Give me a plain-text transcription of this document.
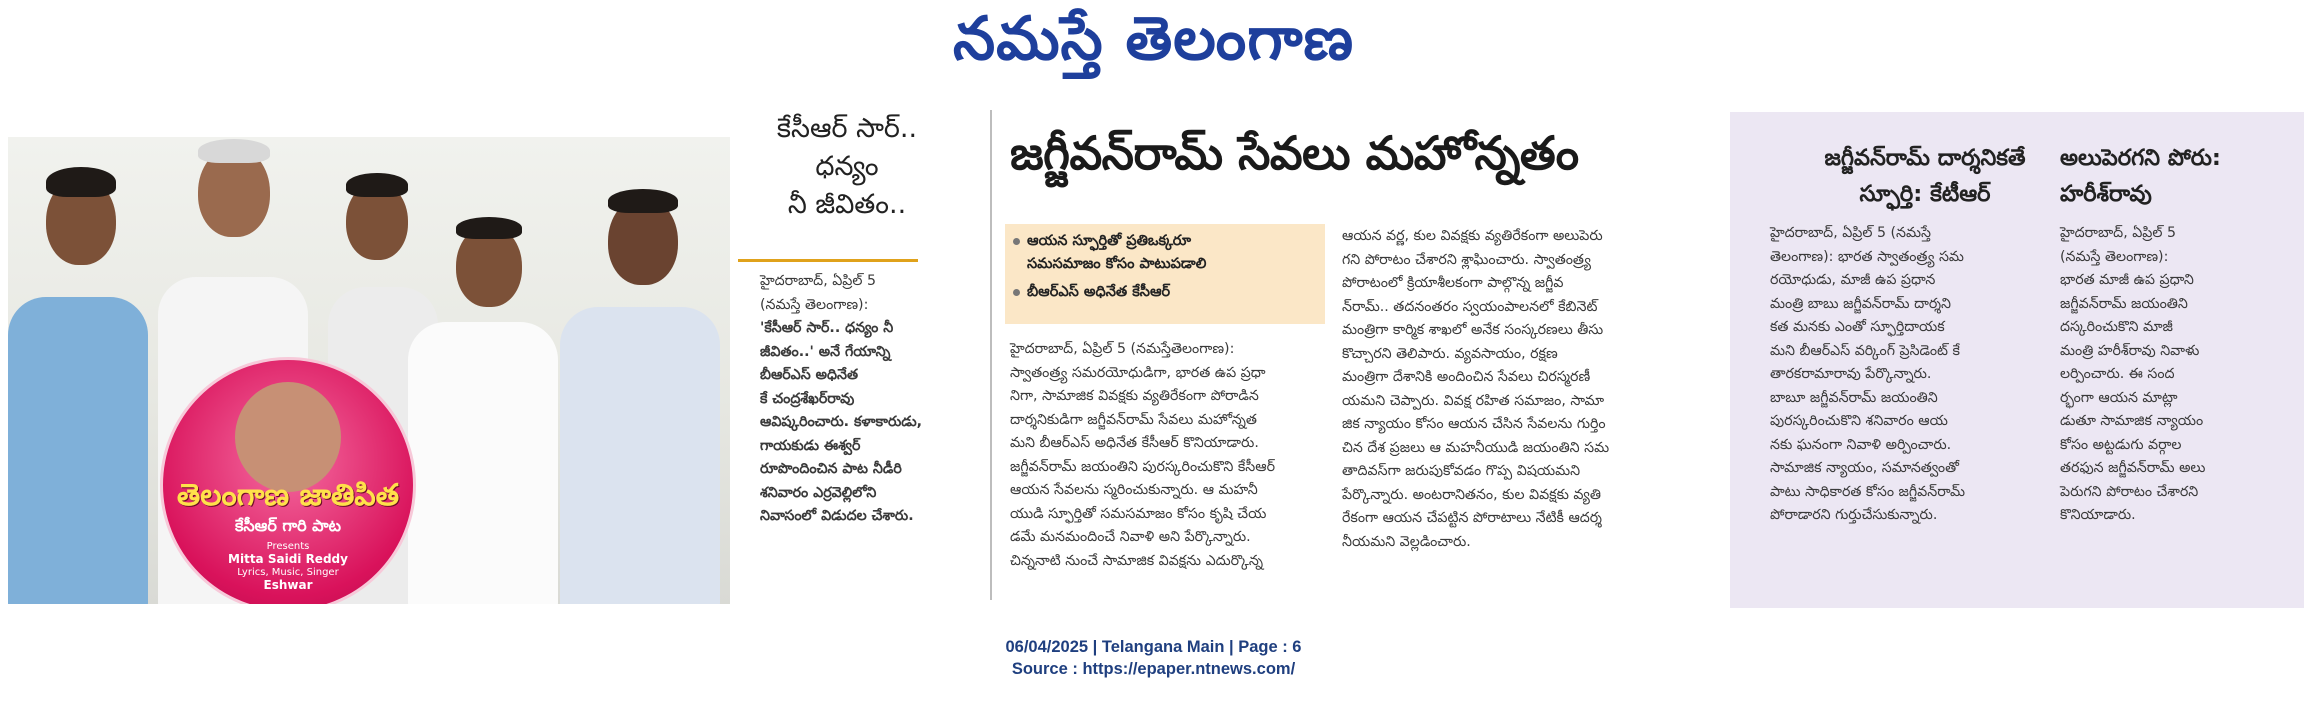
నమస్తే తెలంగాణ
తెలంగాణ జాతిపిత
కేసీఆర్ గారి పాట
Presents
Mitta Saidi Reddy
Lyrics, Music, Singer
Eshwar
కేసీఆర్ సార్..
ధన్యం
నీ జీవితం..
హైదరాబాద్, ఏప్రిల్ 5
(నమస్తే తెలంగాణ):
'కేసీఆర్ సార్.. ధన్యం నీ
జీవితం..' అనే గేయాన్ని
బీఆర్ఎస్ అధినేత
కే చంద్రశేఖర్‌రావు
ఆవిష్కరించారు. కళాకారుడు,
గాయకుడు ఈశ్వర్
రూపొందించిన పాట నీడీరి
శనివారం ఎర్రవెల్లిలోని
నివాసంలో విడుదల చేశారు.
జగ్జీవన్‌రామ్ సేవలు మహోన్నతం
ఆయన స్ఫూర్తితో ప్రతిఒక్కరూ
సమసమాజం కోసం పాటుపడాలి
బీఆర్ఎస్ అధినేత కేసీఆర్
హైదరాబాద్, ఏప్రిల్ 5 (నమస్తేతెలంగాణ):
స్వాతంత్ర్య సమరయోధుడిగా, భారత ఉప ప్రధా
నిగా, సామాజిక వివక్షకు వ్యతిరేకంగా పోరాడిన
దార్శనికుడిగా జగ్జీవన్‌రామ్ సేవలు మహోన్నత
మని బీఆర్ఎస్ అధినేత కేసీఆర్ కొనియాడారు.
జగ్జీవన్‌రామ్ జయంతిని పురస్కరించుకొని కేసీఆర్
ఆయన సేవలను స్మరించుకున్నారు. ఆ మహనీ
యుడి స్ఫూర్తితో సమసమాజం కోసం కృషి చేయ
డమే మనమందించే నివాళి అని పేర్కొన్నారు.
చిన్ననాటి నుంచే సామాజిక వివక్షను ఎదుర్కొన్న
ఆయన వర్ణ, కుల వివక్షకు వ్యతిరేకంగా అలుపెరు
గని పోరాటం చేశారని శ్లాఘించారు. స్వాతంత్ర్య
పోరాటంలో క్రియాశీలకంగా పాల్గొన్న జగ్జీవ
న్‌రామ్.. తదనంతరం స్వయంపాలనలో కేబినెట్
మంత్రిగా కార్మిక శాఖలో అనేక సంస్కరణలు తీసు
కొచ్చారని తెలిపారు. వ్యవసాయం, రక్షణ
మంత్రిగా దేశానికి అందించిన సేవలు చిరస్మరణీ
యమని చెప్పారు. వివక్ష రహిత సమాజం, సామా
జిక న్యాయం కోసం ఆయన చేసిన సేవలను గుర్తిం
చిన దేశ ప్రజలు ఆ మహనీయుడి జయంతిని సమ
తాదివస్‌గా జరుపుకోవడం గొప్ప విషయమని
పేర్కొన్నారు. అంటరానితనం, కుల వివక్షకు వ్యతి
రేకంగా ఆయన చేపట్టిన పోరాటాలు నేటికీ ఆదర్శ
నీయమని వెల్లడించారు.
జగ్జీవన్‌రామ్ దార్శనికతే
స్ఫూర్తి: కేటీఆర్
హైదరాబాద్, ఏప్రిల్ 5 (నమస్తే
తెలంగాణ): భారత స్వాతంత్ర్య సమ
రయోధుడు, మాజీ ఉప ప్రధాన
మంత్రి బాబు జగ్జీవన్‌రామ్ దార్శని
కత మనకు ఎంతో స్ఫూర్తిదాయక
మని బీఆర్ఎస్ వర్కింగ్ ప్రెసిడెంట్ కే
తారకరామారావు పేర్కొన్నారు.
బాబూ జగ్జీవన్‌రామ్ జయంతిని
పురస్కరించుకొని శనివారం ఆయ
నకు ఘనంగా నివాళి అర్పించారు.
సామాజిక న్యాయం, సమానత్వంతో
పాటు సాధికారత కోసం జగ్జీవన్‌రామ్
పోరాడారని గుర్తుచేసుకున్నారు.
అలుపెరగని పోరు:
హరీశ్‌రావు
హైదరాబాద్, ఏప్రిల్ 5
(నమస్తే తెలంగాణ):
భారత మాజీ ఉప ప్రధాని
జగ్జీవన్‌రామ్ జయంతిని
దస్కరించుకొని మాజీ
మంత్రి హరీశ్‌రావు నివాళు
లర్పించారు. ఈ సంద
ర్భంగా ఆయన మాట్లా
డుతూ సామాజిక న్యాయం
కోసం అట్టడుగు వర్గాల
తరఫున జగ్జీవన్‌రామ్ అలు
పెరుగని పోరాటం చేశారని
కొనియాడారు.
06/04/2025 | Telangana Main | Page : 6
Source : https://epaper.ntnews.com/
